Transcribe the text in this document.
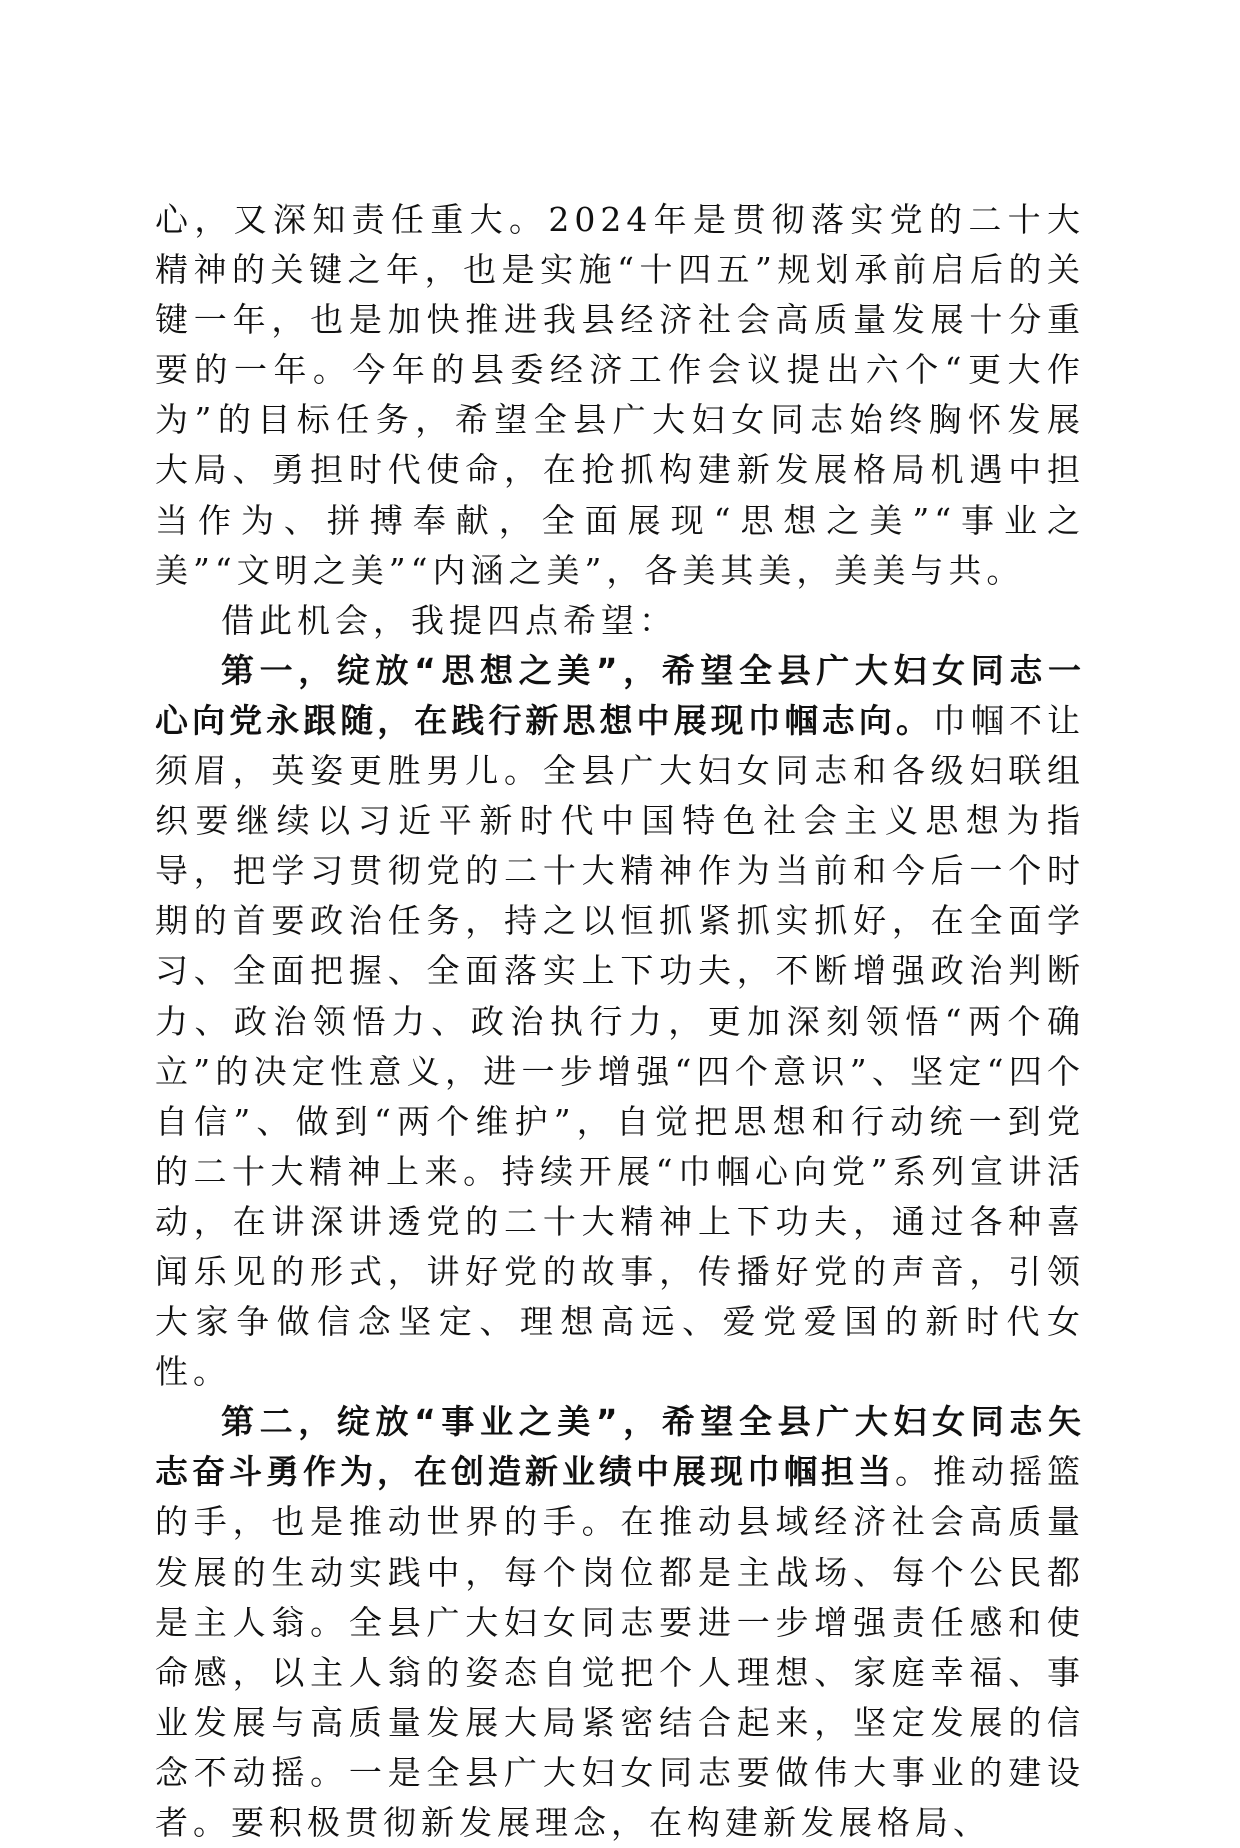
心，又深知责任重大。2024年是贯彻落实党的二十大精神的关键之年，也是实施“十四五”规划承前启后的关键一年，也是加快推进我县经济社会高质量发展十分重要的一年。今年的县委经济工作会议提出六个“更大作为”的目标任务，希望全县广大妇女同志始终胸怀发展大局、勇担时代使命，在抢抓构建新发展格局机遇中担当作为、拼搏奉献，全面展现“思想之美”“事业之美”“文明之美”“内涵之美”，各美其美，美美与共。

借此机会，我提四点希望：

第一，绽放“思想之美”，希望全县广大妇女同志一心向党永跟随，在践行新思想中展现巾帼志向。巾帼不让须眉，英姿更胜男儿。全县广大妇女同志和各级妇联组织要继续以习近平新时代中国特色社会主义思想为指导，把学习贯彻党的二十大精神作为当前和今后一个时期的首要政治任务，持之以恒抓紧抓实抓好，在全面学习、全面把握、全面落实上下功夫，不断增强政治判断力、政治领悟力、政治执行力，更加深刻领悟“两个确立”的决定性意义，进一步增强“四个意识”、坚定“四个自信”、做到“两个维护”，自觉把思想和行动统一到党的二十大精神上来。持续开展“巾帼心向党”系列宣讲活动，在讲深讲透党的二十大精神上下功夫，通过各种喜闻乐见的形式，讲好党的故事，传播好党的声音，引领大家争做信念坚定、理想高远、爱党爱国的新时代女性。

第二，绽放“事业之美”，希望全县广大妇女同志矢志奋斗勇作为，在创造新业绩中展现巾帼担当。推动摇篮的手，也是推动世界的手。在推动县域经济社会高质量发展的生动实践中，每个岗位都是主战场、每个公民都是主人翁。全县广大妇女同志要进一步增强责任感和使命感，以主人翁的姿态自觉把个人理想、家庭幸福、事业发展与高质量发展大局紧密结合起来，坚定发展的信念不动摇。一是全县广大妇女同志要做伟大事业的建设者。要积极贯彻新发展理念，在构建新发展格局、
